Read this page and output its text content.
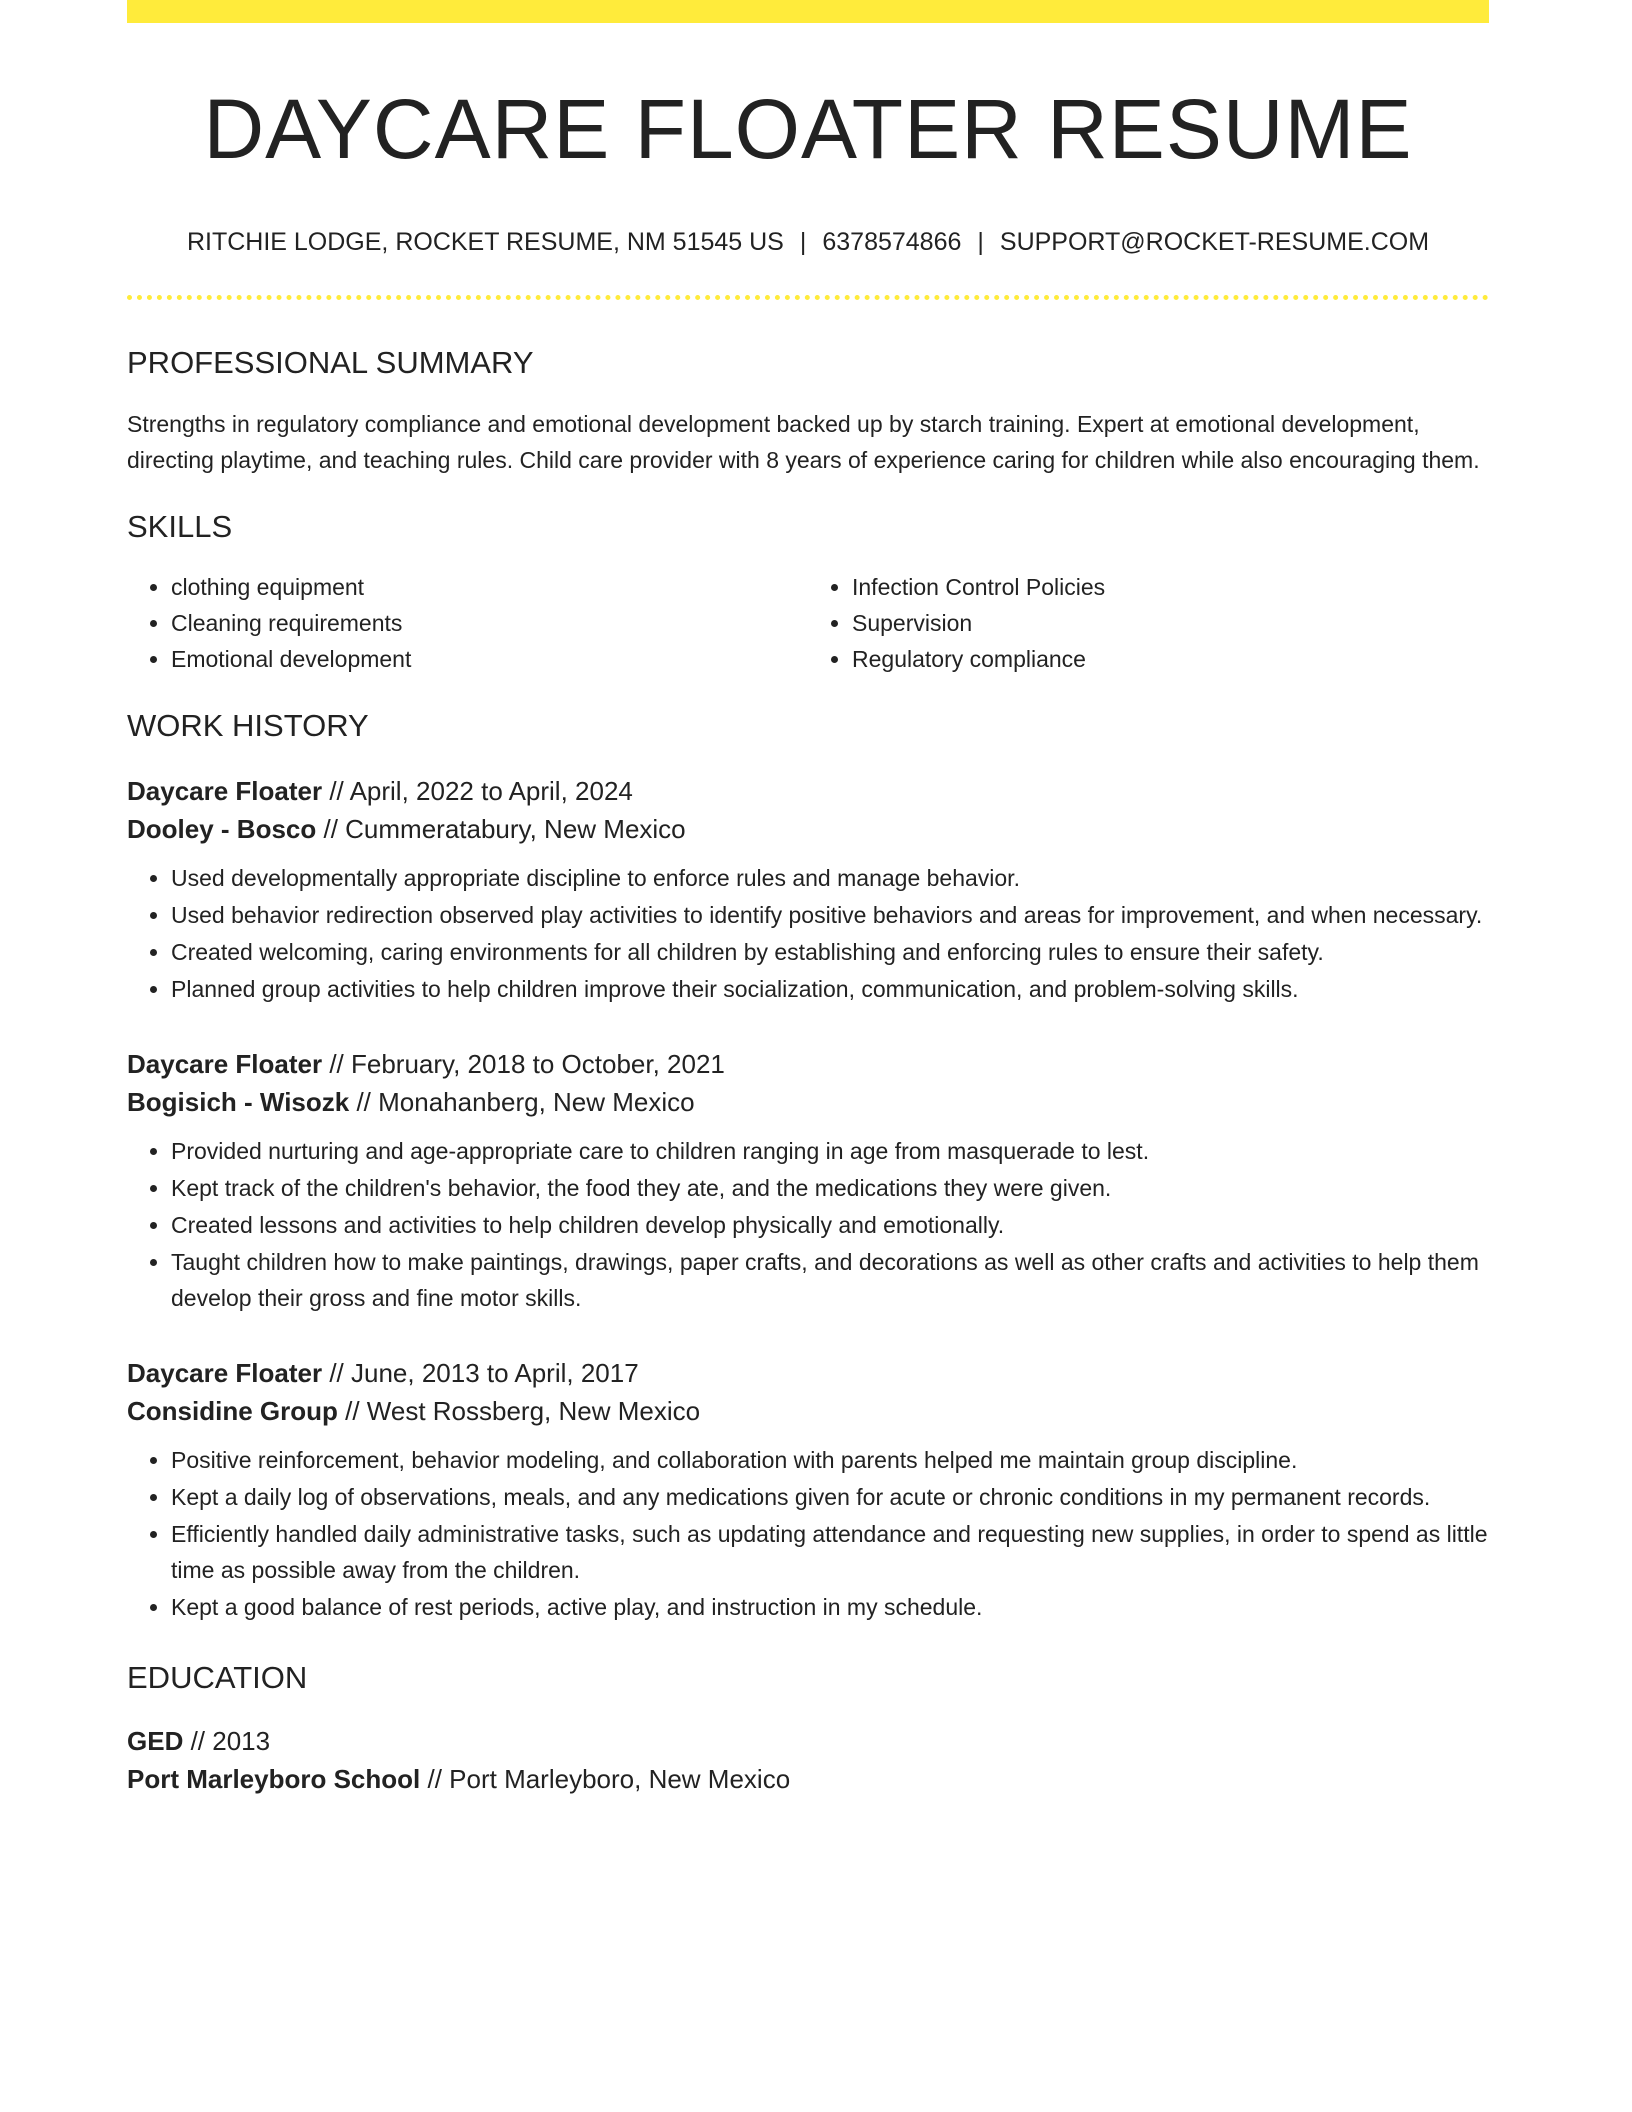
DAYCARE FLOATER RESUME
RITCHIE LODGE, ROCKET RESUME, NM 51545 US | 6378574866 | SUPPORT@ROCKET-RESUME.COM
PROFESSIONAL SUMMARY
Strengths in regulatory compliance and emotional development backed up by starch training. Expert at emotional development, directing playtime, and teaching rules. Child care provider with 8 years of experience caring for children while also encouraging them.
SKILLS
• clothing equipment
• Cleaning requirements
• Emotional development
• Infection Control Policies
• Supervision
• Regulatory compliance
WORK HISTORY
Daycare Floater // April, 2022 to April, 2024
Dooley - Bosco // Cummeratabury, New Mexico
• Used developmentally appropriate discipline to enforce rules and manage behavior.
• Used behavior redirection observed play activities to identify positive behaviors and areas for improvement, and when necessary.
• Created welcoming, caring environments for all children by establishing and enforcing rules to ensure their safety.
• Planned group activities to help children improve their socialization, communication, and problem-solving skills.
Daycare Floater // February, 2018 to October, 2021
Bogisich - Wisozk // Monahanberg, New Mexico
• Provided nurturing and age-appropriate care to children ranging in age from masquerade to lest.
• Kept track of the children's behavior, the food they ate, and the medications they were given.
• Created lessons and activities to help children develop physically and emotionally.
• Taught children how to make paintings, drawings, paper crafts, and decorations as well as other crafts and activities to help them develop their gross and fine motor skills.
Daycare Floater // June, 2013 to April, 2017
Considine Group // West Rossberg, New Mexico
• Positive reinforcement, behavior modeling, and collaboration with parents helped me maintain group discipline.
• Kept a daily log of observations, meals, and any medications given for acute or chronic conditions in my permanent records.
• Efficiently handled daily administrative tasks, such as updating attendance and requesting new supplies, in order to spend as little time as possible away from the children.
• Kept a good balance of rest periods, active play, and instruction in my schedule.
EDUCATION
GED // 2013
Port Marleyboro School // Port Marleyboro, New Mexico
